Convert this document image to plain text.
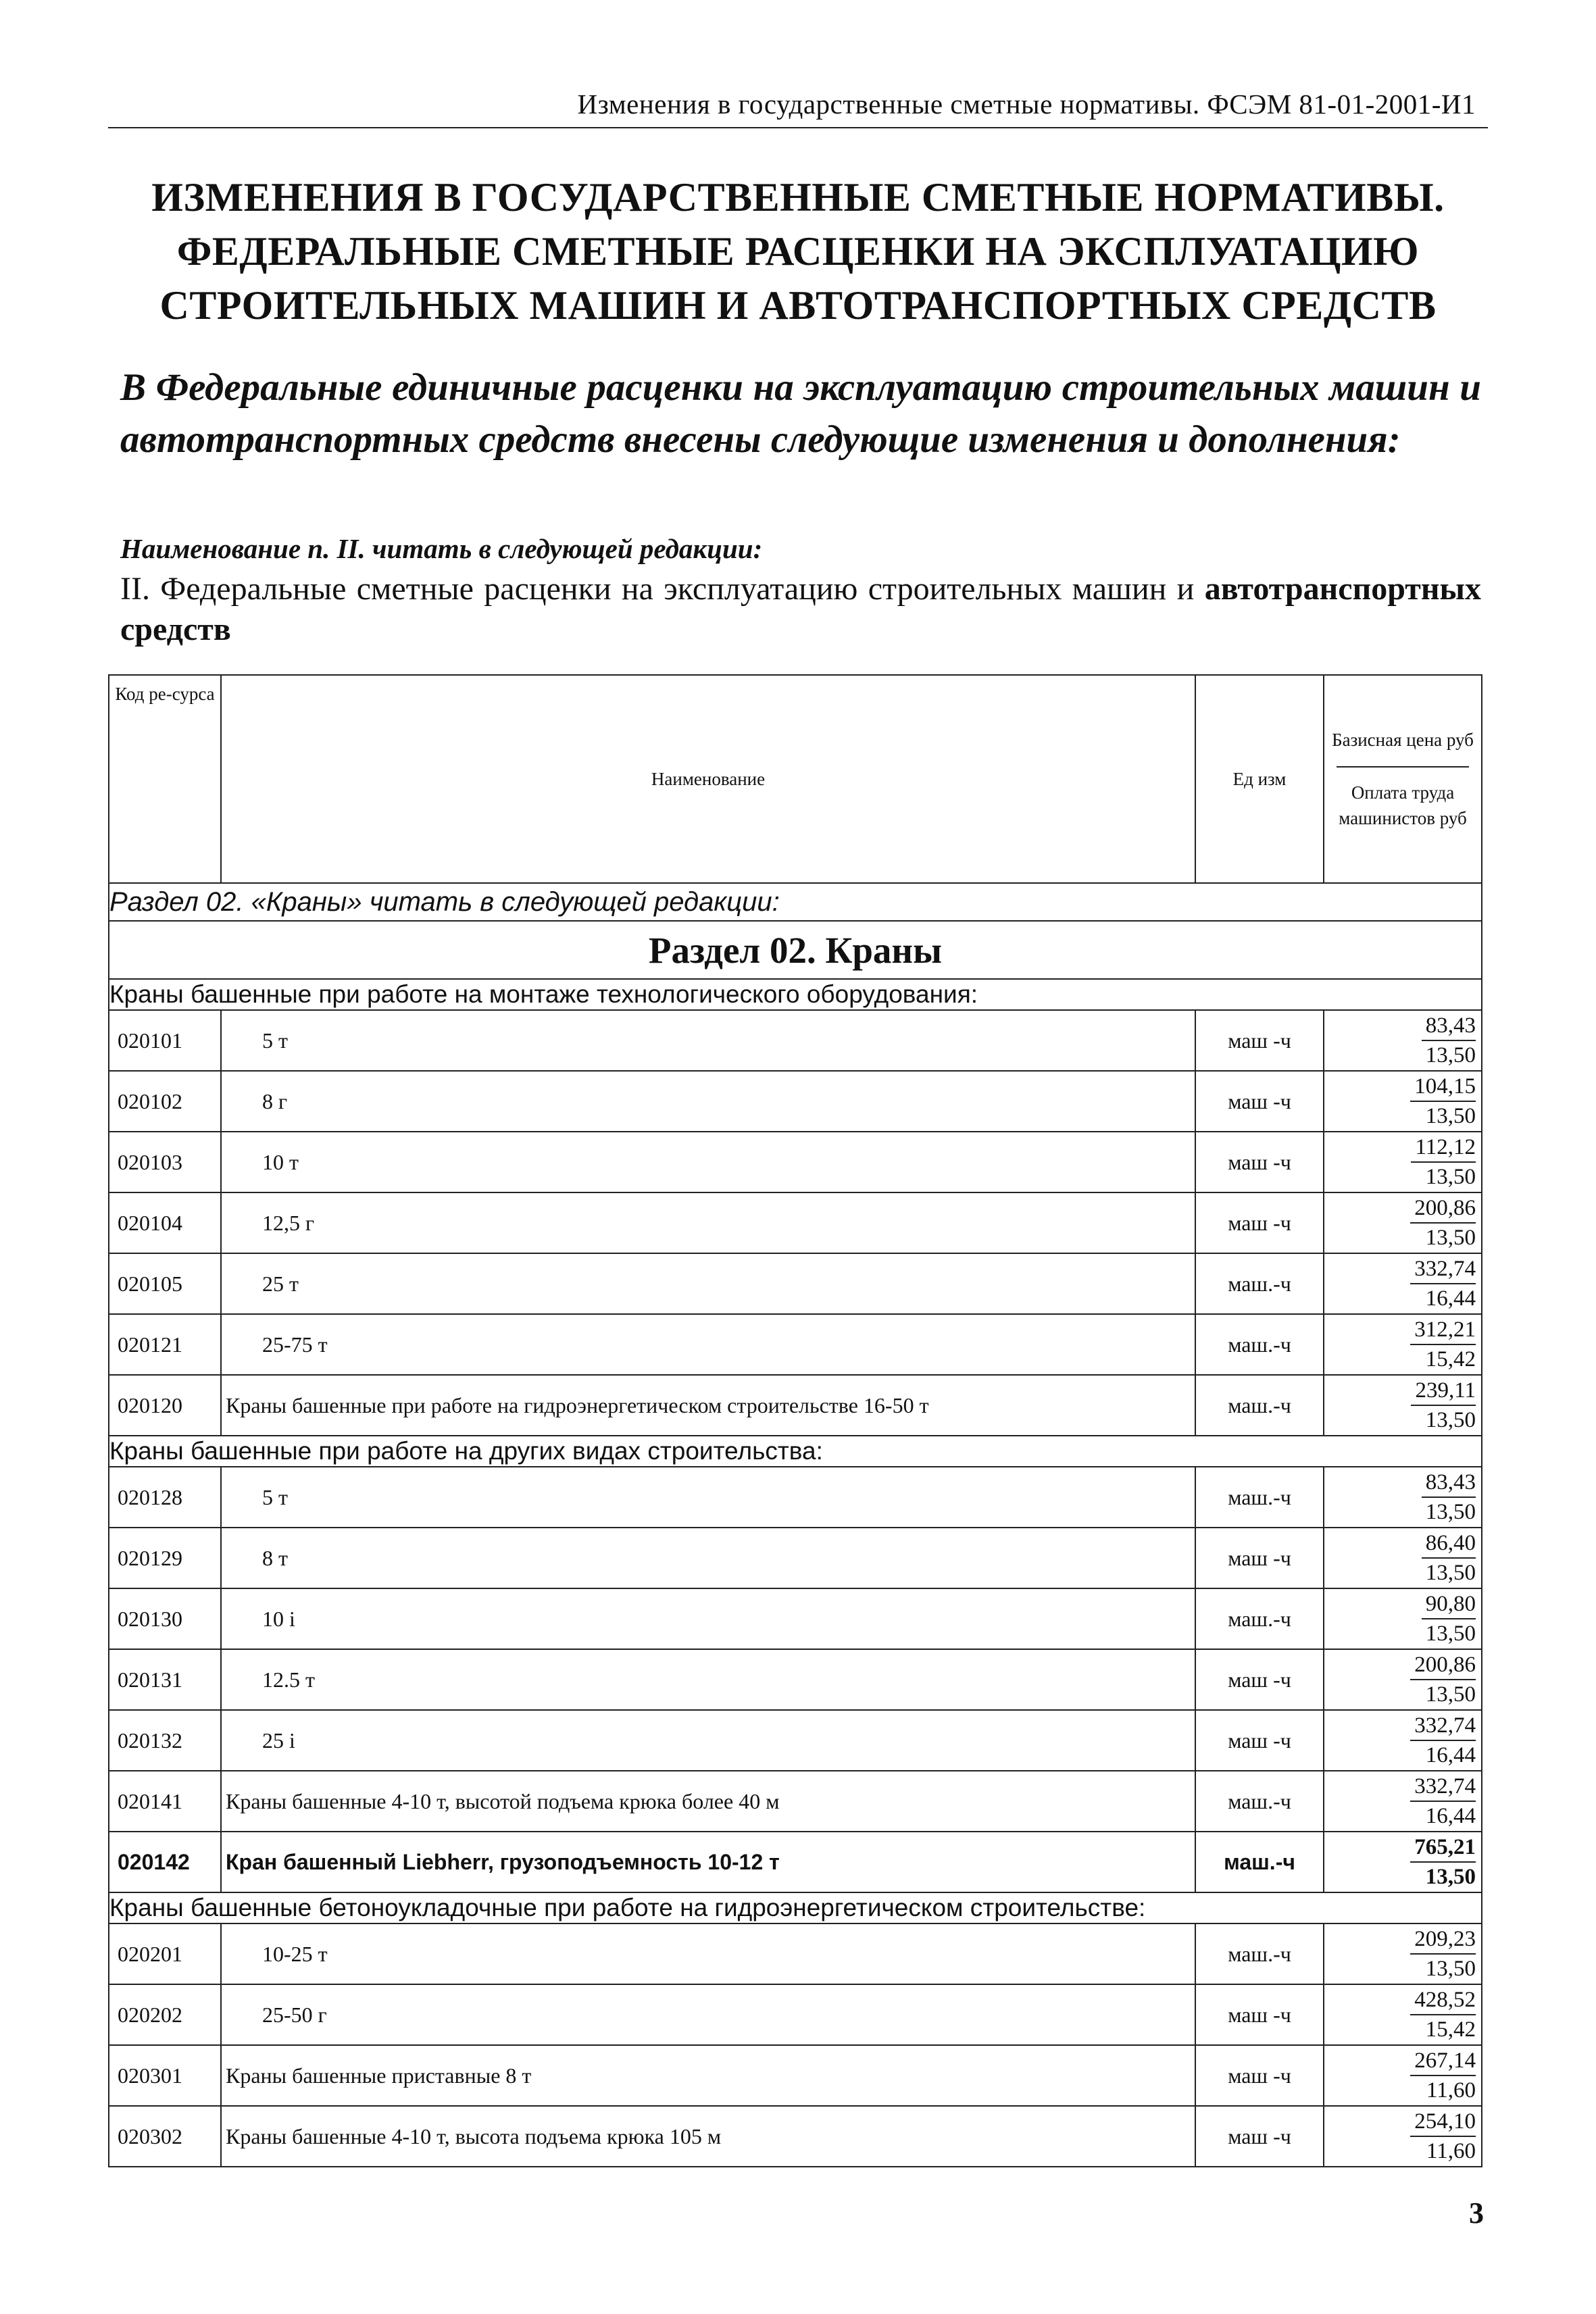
Изменения в государственные сметные нормативы. ФСЭМ 81-01-2001-И1
ИЗМЕНЕНИЯ В ГОСУДАРСТВЕННЫЕ СМЕТНЫЕ НОРМАТИВЫ.
ФЕДЕРАЛЬНЫЕ СМЕТНЫЕ РАСЦЕНКИ НА ЭКСПЛУАТАЦИЮ
СТРОИТЕЛЬНЫХ МАШИН И АВТОТРАНСПОРТНЫХ СРЕДСТВ
В Федеральные единичные расценки на эксплуатацию строительных машин и автотранспортных средств внесены следующие изменения и дополнения:
Наименование п. II. читать в следующей редакции:
II. Федеральные сметные расценки на эксплуатацию строительных машин и автотранспортных средств
Код ре-сурса	Наименование	Ед изм	Базисная цена руб
Оплата труда машинистов руб

Раздел 02. «Краны» читать в следующей редакции:			
Раздел 02. Краны			
Краны башенные при работе на монтаже технологического оборудования:			
020101	5 т	маш -ч	83,43
13,50

020102	8 г	маш -ч	104,15
13,50

020103	10 т	маш -ч	112,12
13,50

020104	12,5 г	маш -ч	200,86
13,50

020105	25 т	маш.-ч	332,74
16,44

020121	25-75 т	маш.-ч	312,21
15,42

020120	Краны башенные при работе на гидроэнергетическом строительстве 16-50 т	маш.-ч	239,11
13,50

Краны башенные при работе на других видах строительства:			
020128	5 т	маш.-ч	83,43
13,50

020129	8 т	маш -ч	86,40
13,50

020130	10 і	маш.-ч	90,80
13,50

020131	12.5 т	маш -ч	200,86
13,50

020132	25 і	маш -ч	332,74
16,44

020141	Краны башенные 4-10 т, высотой подъема крюка более 40 м	маш.-ч	332,74
16,44

020142	Кран башенный Liebherr, грузоподъемность 10-12 т	маш.-ч	765,21
13,50

Краны башенные бетоноукладочные при работе на гидроэнергетическом строительстве:			
020201	10-25 т	маш.-ч	209,23
13,50

020202	25-50 г	маш -ч	428,52
15,42

020301	Краны башенные приставные 8 т	маш -ч	267,14
11,60

020302	Краны башенные 4-10 т, высота подъема крюка 105 м	маш -ч	254,10
11,60
3
